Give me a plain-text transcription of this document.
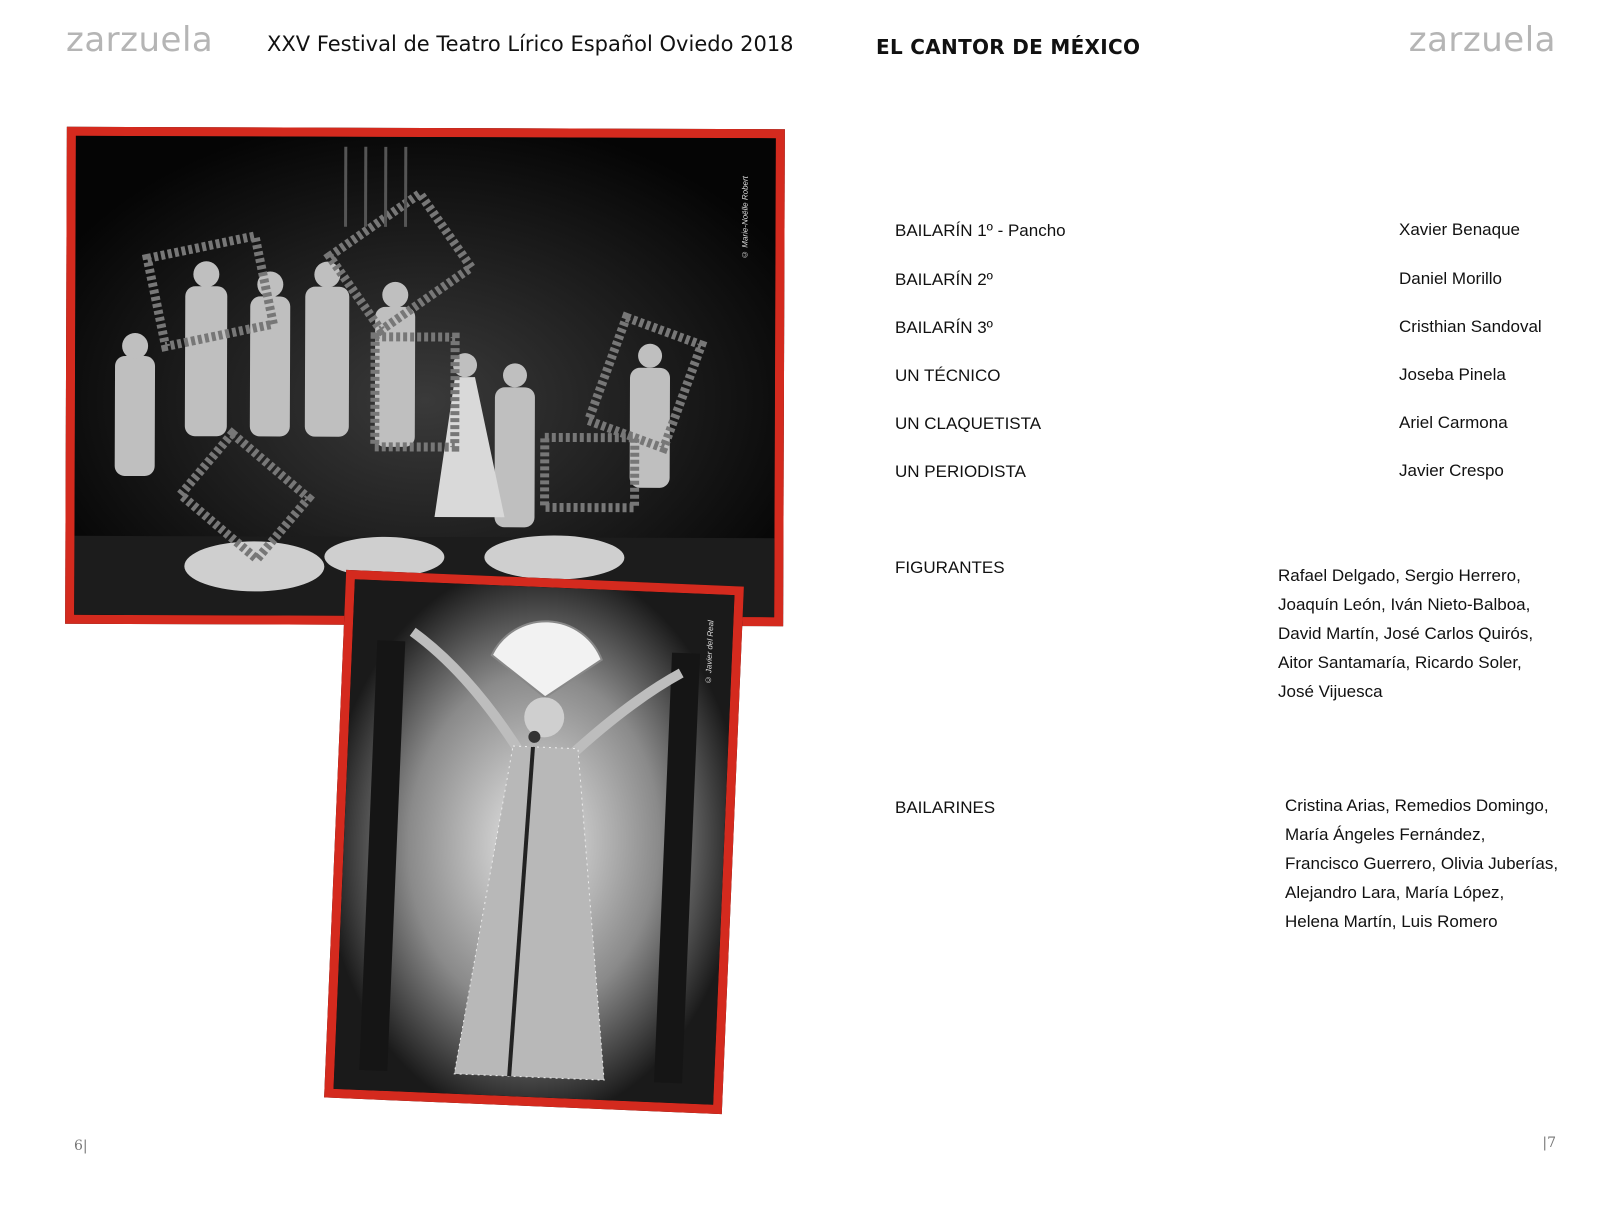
zarzuela	XXV Festival de Teatro Lírico Español Oviedo 2018	EL CANTOR DE MÉXICO	zarzuela
© Marie-Noëlle Robert
© Javier del Real
BAILARÍN 1º - Pancho	Xavier Benaque
BAILARÍN 2º	Daniel Morillo
BAILARÍN 3º	Cristhian Sandoval
UN TÉCNICO	Joseba Pinela
UN CLAQUETISTA	Ariel Carmona
UN PERIODISTA	Javier Crespo
FIGURANTES	Rafael Delgado, Sergio Herrero,
Joaquín León, Iván Nieto-Balboa,
David Martín, José Carlos Quirós,
Aitor Santamaría, Ricardo Soler,
José Vijuesca
BAILARINES	Cristina Arias, Remedios Domingo,
María Ángeles Fernández,
Francisco Guerrero, Olivia Juberías,
Alejandro Lara, María López,
Helena Martín, Luis Romero
6|	|7
